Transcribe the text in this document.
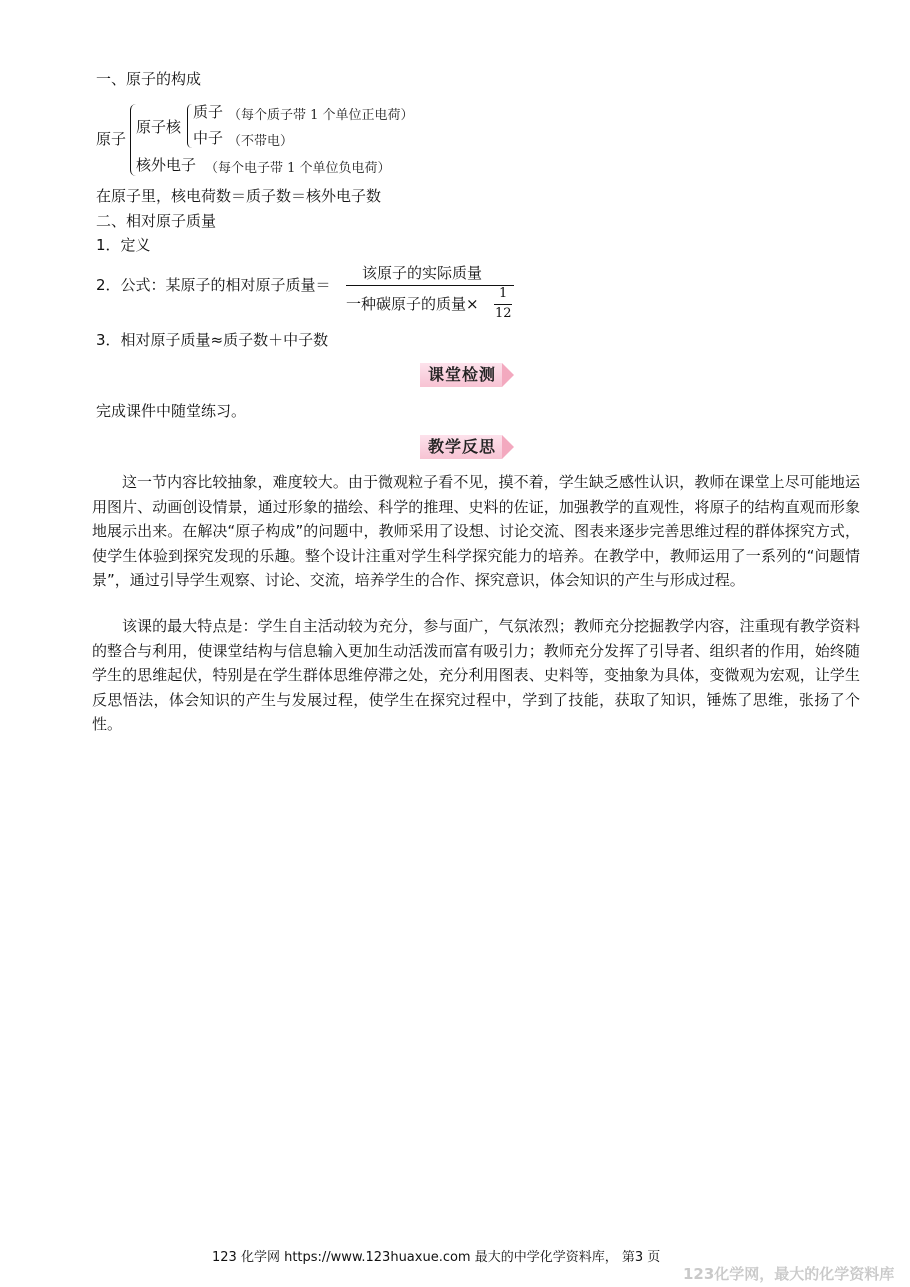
一、原子的构成
原子
原子核
质子 （每个质子带 1 个单位正电荷）
中子 （不带电）
核外电子 （每个电子带 1 个单位负电荷）
在原子里，核电荷数＝质子数＝核外电子数
二、相对原子质量
1．定义
2．公式：某原子的相对原子质量＝
该原子的实际质量
一种碳原子的质量×
1
12
3．相对原子质量≈质子数＋中子数
课堂检测
完成课件中随堂练习。
教学反思
这一节内容比较抽象，难度较大。由于微观粒子看不见，摸不着，学生缺乏感性认识，教师在课堂上尽可能地运用图片、动画创设情景，通过形象的描绘、科学的推理、史料的佐证，加强教学的直观性，将原子的结构直观而形象地展示出来。在解决“原子构成”的问题中，教师采用了设想、讨论交流、图表来逐步完善思维过程的群体探究方式，使学生体验到探究发现的乐趣。整个设计注重对学生科学探究能力的培养。在教学中，教师运用了一系列的“问题情景”，通过引导学生观察、讨论、交流，培养学生的合作、探究意识，体会知识的产生与形成过程。
该课的最大特点是：学生自主活动较为充分，参与面广，气氛浓烈；教师充分挖掘教学内容，注重现有教学资料的整合与利用，使课堂结构与信息输入更加生动活泼而富有吸引力；教师充分发挥了引导者、组织者的作用，始终随学生的思维起伏，特别是在学生群体思维停滞之处，充分利用图表、史料等，变抽象为具体，变微观为宏观，让学生反思悟法，体会知识的产生与发展过程，使学生在探究过程中，学到了技能，获取了知识，锤炼了思维，张扬了个性。
123 化学网 https://www.123huaxue.com 最大的中学化学资料库， 第3 页
123化学网，最大的化学资料库
